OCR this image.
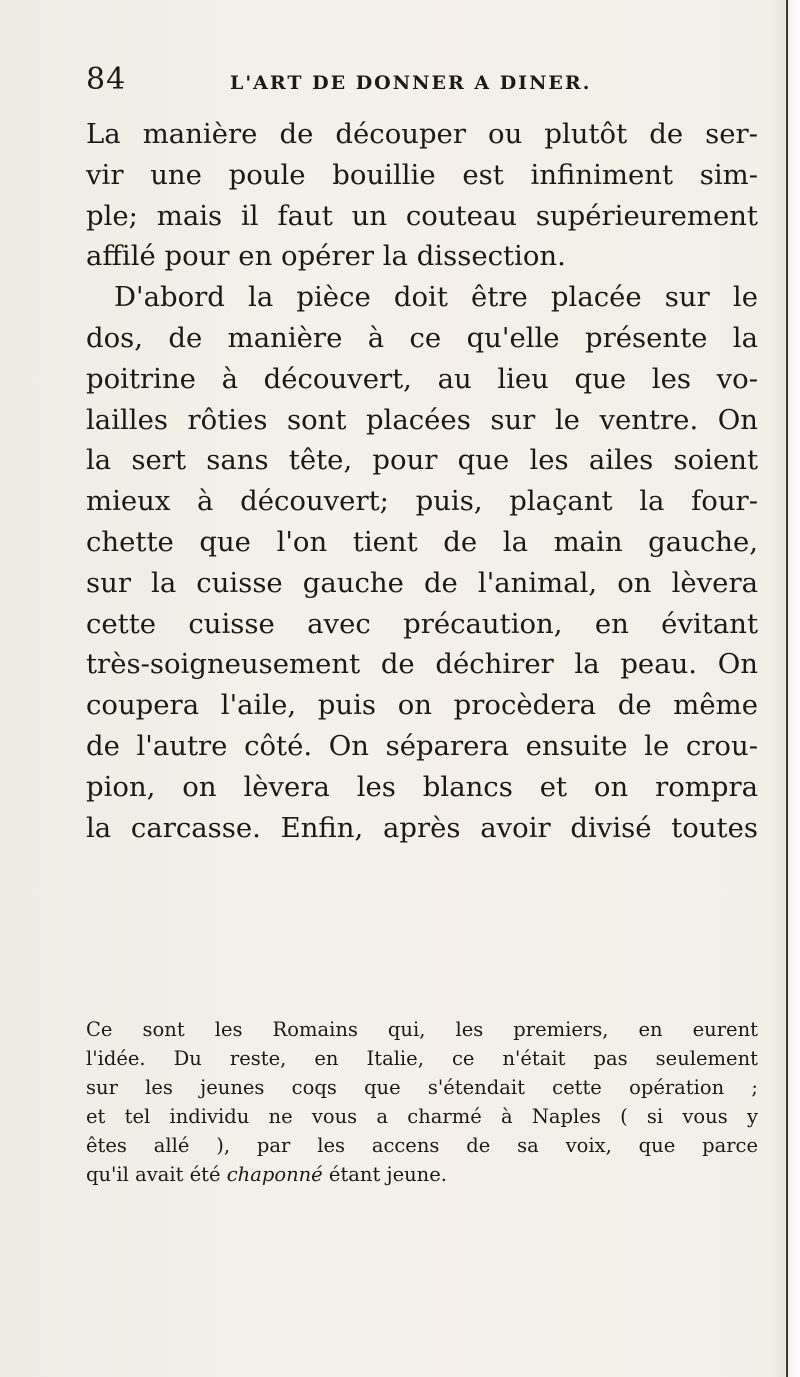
84	L'ART DE DONNER A DINER.
La manière de découper ou plutôt de ser-
vir une poule bouillie est infiniment sim-
ple; mais il faut un couteau supérieurement
affilé pour en opérer la dissection.
D'abord la pièce doit être placée sur le
dos, de manière à ce qu'elle présente la
poitrine à découvert, au lieu que les vo-
lailles rôties sont placées sur le ventre. On
la sert sans tête, pour que les ailes soient
mieux à découvert; puis, plaçant la four-
chette que l'on tient de la main gauche,
sur la cuisse gauche de l'animal, on lèvera
cette cuisse avec précaution, en évitant
très-soigneusement de déchirer la peau. On
coupera l'aile, puis on procèdera de même
de l'autre côté. On séparera ensuite le crou-
pion, on lèvera les blancs et on rompra
la carcasse. Enfin, après avoir divisé toutes
Ce sont les Romains qui, les premiers, en eurent
l'idée. Du reste, en Italie, ce n'était pas seulement
sur les jeunes coqs que s'étendait cette opération ;
et tel individu ne vous a charmé à Naples ( si vous y
êtes allé ), par les accens de sa voix, que parce
qu'il avait été chaponné étant jeune.
